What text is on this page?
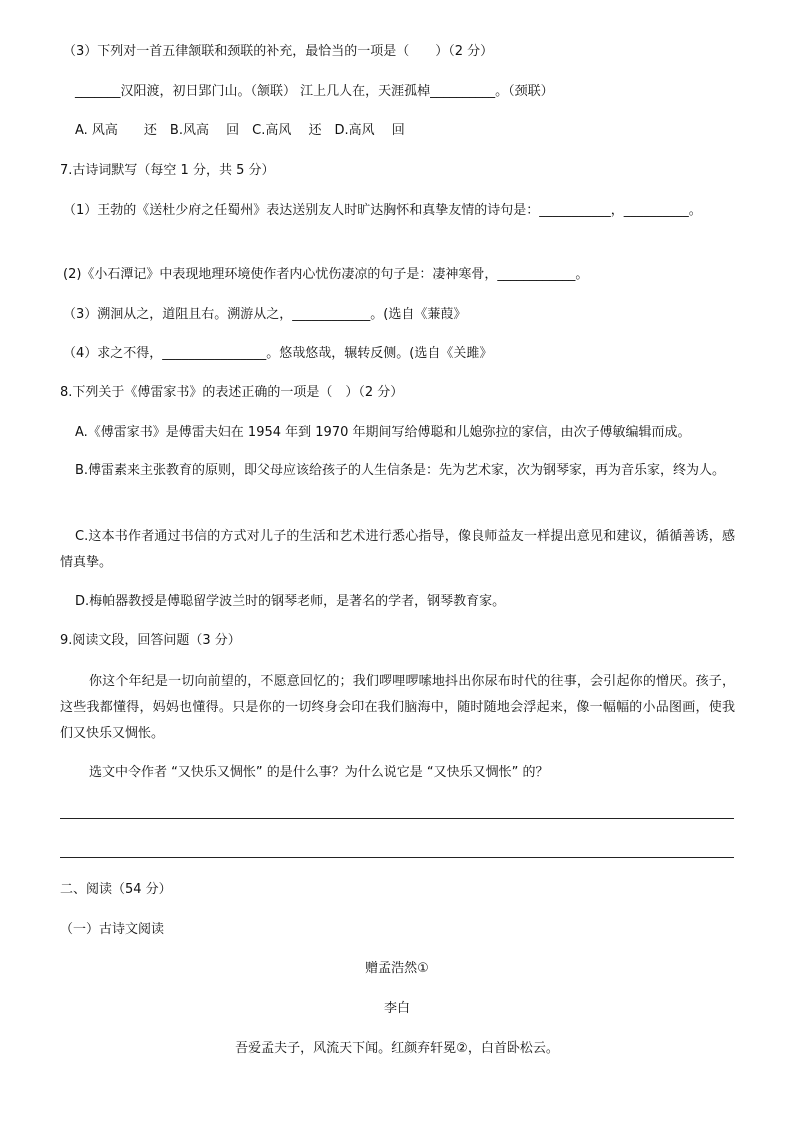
（3）下列对一首五律颔联和颈联的补充，最恰当的一项是（　　）（2 分）
_______汉阳渡，初日郢门山。（颔联） 江上几人在，天涯孤棹__________。（颈联）
A. 风高　　还　B.风高　 回　C.高风　 还　D.高风　 回
7.古诗词默写（每空 1 分，共 5 分）
（1）王勃的《送杜少府之任蜀州》表达送别友人时旷达胸怀和真挚友情的诗句是：___________，__________。
(2)《小石潭记》中表现地理环境使作者内心忧伤凄凉的句子是：凄神寒骨，____________。
（3）溯洄从之，道阻且右。溯游从之，____________。(选自《蒹葭》
（4）求之不得，________________。悠哉悠哉，辗转反侧。(选自《关雎》
8.下列关于《傅雷家书》的表述正确的一项是（　）（2 分）
A.《傅雷家书》是傅雷夫妇在 1954 年到 1970 年期间写给傅聪和儿媳弥拉的家信，由次子傅敏编辑而成。
B.傅雷素来主张教育的原则，即父母应该给孩子的人生信条是：先为艺术家，次为钢琴家，再为音乐家，终为人。
C.这本书作者通过书信的方式对儿子的生活和艺术进行悉心指导，像良师益友一样提出意见和建议，循循善诱，感情真挚。
D.梅帕器教授是傅聪留学波兰时的钢琴老师，是著名的学者，钢琴教育家。
9.阅读文段，回答问题（3 分）
你这个年纪是一切向前望的，不愿意回忆的；我们啰哩啰嗦地抖出你尿布时代的往事，会引起你的憎厌。孩子，这些我都懂得，妈妈也懂得。只是你的一切终身会印在我们脑海中，随时随地会浮起来，像一幅幅的小品图画，使我们又快乐又惆怅。
选文中令作者 “又快乐又惆怅” 的是什么事？为什么说它是 “又快乐又惆怅” 的？
二、阅读（54 分）
（一）古诗文阅读
赠孟浩然①
李白
吾爱孟夫子，风流天下闻。红颜弃轩冕②，白首卧松云。
